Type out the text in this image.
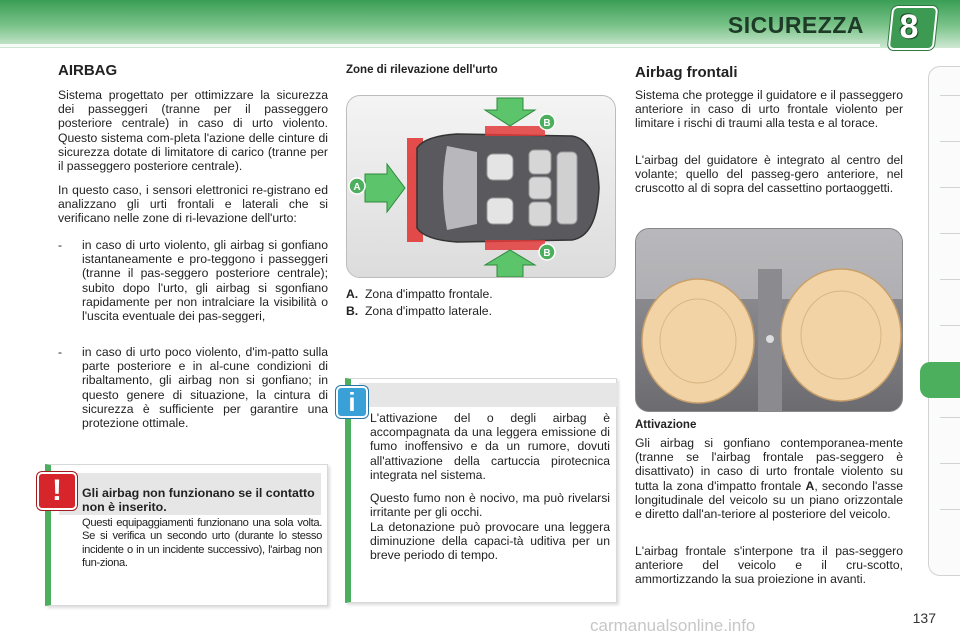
SICUREZZA 8
AIRBAG
Sistema progettato per ottimizzare la sicurezza dei passeggeri (tranne per il passeggero posteriore centrale) in caso di urto violento. Questo sistema com-pleta l'azione delle cinture di sicurezza dotate di limitatore di carico (tranne per il passeggero posteriore centrale).
In questo caso, i sensori elettronici re-gistrano ed analizzano gli urti frontali e laterali che si verificano nelle zone di ri-levazione dell'urto:
- in caso di urto violento, gli airbag si gonfiano istantaneamente e pro-teggono i passeggeri (tranne il pas-seggero posteriore centrale); subito dopo l'urto, gli airbag si sgonfiano rapidamente per non intralciare la visibilità o l'uscita eventuale dei pas-seggeri,
- in caso di urto poco violento, d'im-patto sulla parte posteriore e in al-cune condizioni di ribaltamento, gli airbag non si gonfiano; in questo genere di situazione, la cintura di sicurezza è sufficiente per garantire una protezione ottimale.
!	Gli airbag non funzionano se il contatto non è inserito.
Questi equipaggiamenti funzionano una sola volta. Se si verifica un secondo urto (durante lo stesso incidente o in un incidente successivo), l'airbag non fun-ziona.
Zone di rilevazione dell'urto
A
B
B
A. Zona d'impatto frontale.
B. Zona d'impatto laterale.
i
L'attivazione del o degli airbag è accompagnata da una leggera emissione di fumo inoffensivo e da un rumore, dovuti all'attivazione della cartuccia pirotecnica integrata nel sistema.
Questo fumo non è nocivo, ma può rivelarsi irritante per gli occhi.
La detonazione può provocare una leggera diminuzione della capaci-tà uditiva per un breve periodo di tempo.
Airbag frontali
Sistema che protegge il guidatore e il passeggero anteriore in caso di urto frontale violento per limitare i rischi di traumi alla testa e al torace.
L'airbag del guidatore è integrato al centro del volante; quello del passeg-gero anteriore, nel cruscotto al di sopra del cassettino portaoggetti.
Attivazione
Gli airbag si gonfiano contemporanea-mente (tranne se l'airbag frontale pas-seggero è disattivato) in caso di urto frontale violento su tutta la zona d'impatto frontale A, secondo l'asse longitudinale del veicolo su un piano orizzontale e diretto dall'an-teriore al posteriore del veicolo.
L'airbag frontale s'interpone tra il pas-seggero anteriore del veicolo e il cru-scotto, ammortizzando la sua proiezione in avanti.
carmanualsonline.info	137
